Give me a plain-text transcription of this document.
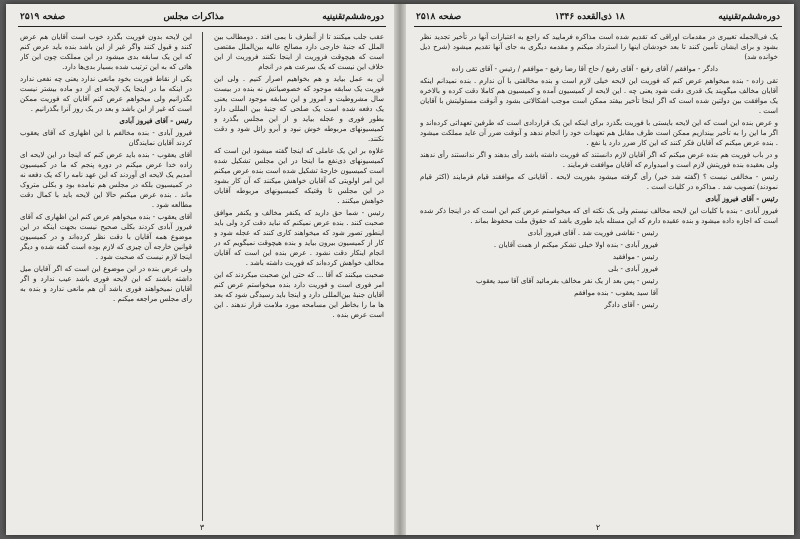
دوره‌ششم‌تقنینیه
مذاکرات مجلس
صفحه ۲۵۱۹

عقب جلب میکنند تا از آنطرف نا بمی افتد . دو‌مطالب بین الملل که جنبهٔ خارجی دارد مصالح عالیه بین‌الملل مقتضی است که هیچوقت فروریت از اینجا نکنند فروریت از این خلاف این نیست که یک سرعت هم در انجام

آن به‌ عمل بیاید و هم بخواهیم اصرار کنیم . ولی این فوریت یک سابقه موجود که خصوصیاتش نه بنده در بیست سال مشروطیت و امروز و این سابقه موجود است یعنی یک دفعه شده است یک صلحی که جنبهٔ بین المللی دارد بطور فوری و عجله بیاید و از این مجلس بگذرد و کمیسیونهای مربوطه خوش نبود و آبرو زائل شود و دقت نکنند.

علاوه بر این یک عاملی که اینجا گفته میشود این است که کمیسیونهای ذی‌نفع ما اینجا در این مجلس تشکیل شده است کمیسیون خارجهٔ تشکیل شده است بنده عرض میکنم این امر اولویتی که آقایان خواهش میکنند که آن کار بشود در این مجلس تا وقتیکه کمیسیونهای مربوطه آقایان خواهش میکنند .

رئیس - شما حق دارید که یکنفر مخالف و یکنفر موافق صحبت کنند . بنده عرض نمیکنم که نباید دقت کرد ولی باید اینطور تصور شود که میخواهند کاری کنند که عجله شود و کار از کمیسیون بیرون بیاید و بنده هیچوقت نمیگویم که در انجام اینکار دقت نشود . عرض بنده این است که آقایان مخالف خواهش کرده‌اند که فوریت داشته باشد .

صحبت میکنند که آقا ... که حتی این صحبت میکردند که این امر فوری است و فوریت دارد بنده میخواستم عرض کنم آقایان جنبهٔ بین‌المللی دارد و اینجا باید رسیدگی شود که بعد ها ما را بخاطر این مسامحه مورد ملامت قرار ندهند . این است عرض بنده .

این لایحه بدون فوریت بگذرد خوب است آقایان هم عرض کنند و قبول کنند واگر غیر از این باشد بنده باید عرض کنم که این یک سابقه بدی میشود در این مملکت چون این کار هائی که به این ترتیب شده بسیار بدی‌ها دارد.

یکی از نقاط فوریت بخود مانعی ندارد یعنی چه نفعی ندارد در اینکه ما در اینجا یک لایحه ای از دو ماده بیشتر نیست بگذرانیم ولی میخواهم عرض کنم آقایان که فوریت ممکن است که غیر از این باشد و بعد در یک روز آنرا بگذرانیم .

رئیس - آقای فیروز آبادی

فیروز آبادی - بنده مخالفم با این اظهاری که آقای یعقوب کردند آقایان نمایندگان

آقای یعقوب - بنده باید عرض کنم که اینجا در این لایحه ای زاده خدا عرض میکنم در دوره پنجم که ما در کمیسیون آمدیم یک لایحه ای آوردند که این عهد نامه را که یک دفعه نه در کمیسیون بلکه در مجلس هم نیامده بود و بکلی متروک ماند . بنده عرض میکنم حالا این لایحه باید با کمال دقت مطالعه شود .

آقای یعقوب - بنده میخواهم عرض کنم این اظهاری که آقای فیروز آبادی کردند بکلی صحیح نیست بجهت اینکه در این موضوع همه آقایان با دقت نظر کرده‌اند و در کمیسیون قوانین خارجه آن چیزی که لازم بوده است گفته شده و دیگر اینجا لازم نیست که صحبت شود .

ولی عرض بنده در این موضوع این است که اگر آقایان میل داشته باشند که این لایحه فوری باشد عیب ندارد و اگر آقایان نمیخواهند فوری باشد آن هم مانعی ندارد و بنده به رأی مجلس مراجعه میکنم .

۳
دوره‌ششم‌تقنینیه
۱۸ ذی‌القعده ۱۳۴۶
صفحه ۲۵۱۸

یک فی‌الجمله تغییری در مقدمات اوراقی که تقدیم شده است مذاکره فرمایید که راجع به اعتبارات آنها در تأخیر تجدید نظر بشود و برای ایشان تأمین کنند تا بعد خودشان اینها را استرداد میکنم و مقدمه دیگری به‌ جای آنها تقدیم میشود (شرح ذیل خوانده شد)

دادگر - موافقم / آقای رفیع - آقای رفیع / حاج آقا رضا رفیع - موافقم / رئیس - آقای تقی زاده

تقی زاده - بنده میخواهم عرض کنم که فوریت این لایحه خیلی لازم است و بنده مخالفتی با آن ندارم . بنده نمیدانم اینکه آقایان مخالف میگویند یک قدری دقت شود یعنی چه . این لایحه از کمیسیون آمده و کمیسیون هم کاملا دقت کرده و بالاخره یک موافقت بین دولتین شده است که اگر اینجا تأخیر بیفتد ممکن است موجب اشکالاتی بشود و آنوقت مسئولیتش با آقایان است .

و عرض بنده این است که این لایحه بایستی با فوریت بگذرد برای اینکه این یک قراردادی است که طرفین تعهداتی کرده‌اند و اگر ما این را به تأخیر بیندازیم ممکن است طرف مقابل هم تعهدات خود را انجام ندهد و آنوقت ضرر آن عاید مملکت میشود . بنده عرض میکنم که آقایان فکر کنند که این کار ضرر دارد یا نفع .

و در باب فوریت هم بنده عرض میکنم که اگر آقایان لازم دانستند که فوریت داشته باشد رأی بدهند و اگر ندانستند رأی ندهند ولی بعقیده بنده فوریتش لازم است و امیدوارم که آقایان موافقت فرمایند .

رئیس - مخالفی نیست ؟ (گفته شد خیر) رأی گرفته میشود بفوریت لایحه . آقایانی که موافقند قیام فرمایند (اکثر قیام نمودند) تصویب شد . مذاکره در کلیات است .

رئیس - آقای فیروز آبادی

فیروز آبادی - بنده با کلیات این لایحه مخالف نیستم ولی یک نکته ای که میخواستم عرض کنم این است که در اینجا ذکر شده است که اجازه داده میشود و بنده عقیده دارم که این مسئله باید طوری باشد که حقوق ملت محفوظ بماند .

رئیس - نقاشی فوریت شد . آقای فیروز آبادی

فیروز آبادی - بنده اولا خیلی تشکر میکنم از همت آقایان .

رئیس - موافقید

فیروز آبادی - بلی

رئیس - پس بعد از یک نفر مخالف بفرمائید آقای آقا سید یعقوب

آقا سید یعقوب - بنده موافقم

رئیس - آقای دادگر

۲
